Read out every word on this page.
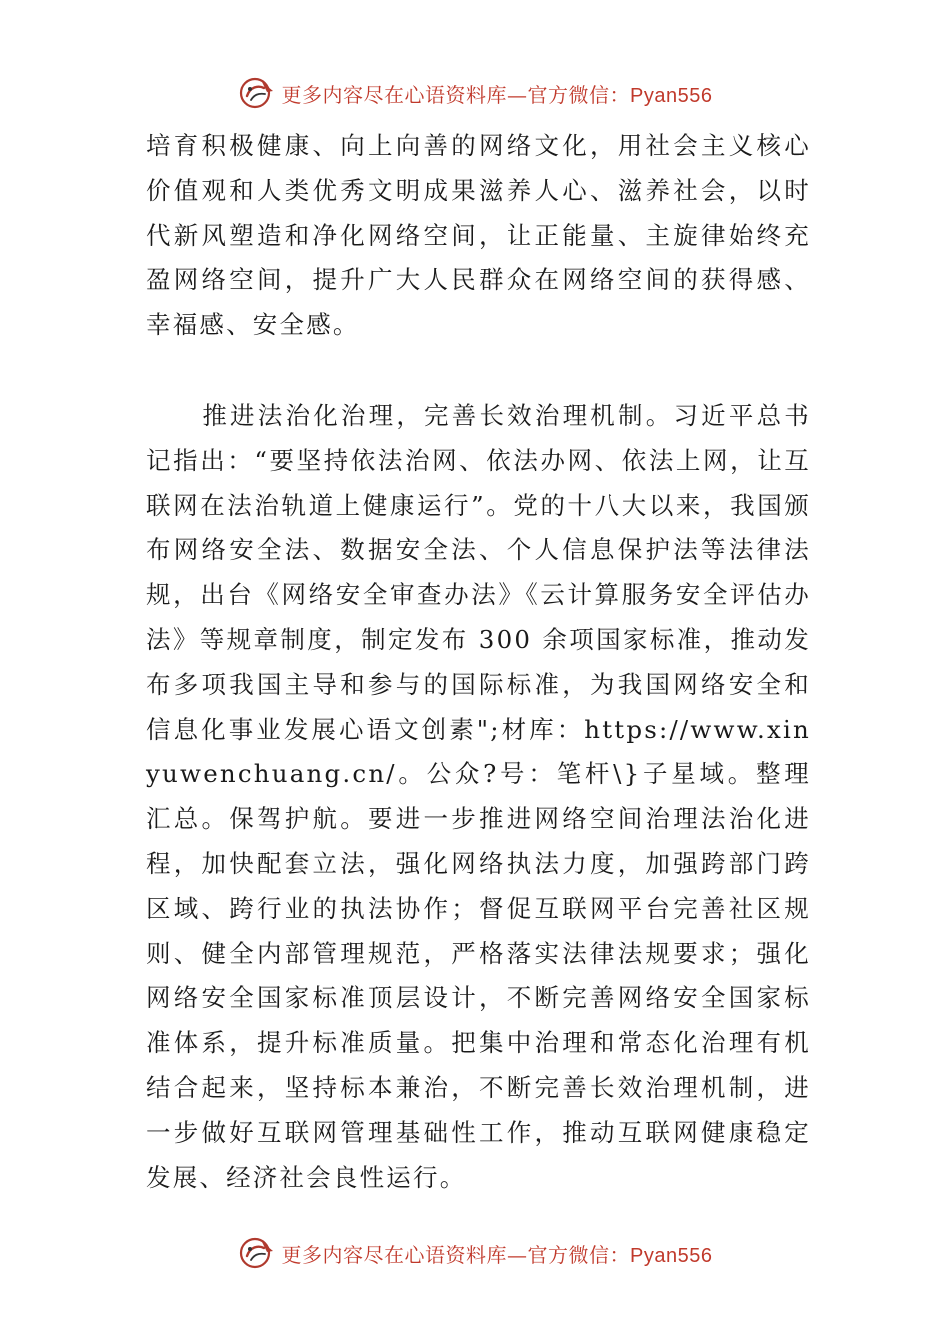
更多内容尽在心语资料库—官方微信：Pyan556

培育积极健康、向上向善的网络文化，用社会主义核心价值观和人类优秀文明成果滋养人心、滋养社会，以时代新风塑造和净化网络空间，让正能量、主旋律始终充盈网络空间，提升广大人民群众在网络空间的获得感、幸福感、安全感。

推进法治化治理，完善长效治理机制。习近平总书记指出：“要坚持依法治网、依法办网、依法上网，让互联网在法治轨道上健康运行”。党的十八大以来，我国颁布网络安全法、数据安全法、个人信息保护法等法律法规，出台《网络安全审查办法》《云计算服务安全评估办法》等规章制度，制定发布 300 余项国家标准，推动发布多项我国主导和参与的国际标准，为我国网络安全和信息化事业发展心语文创素";材库：https://www.xinyuwenchuang.cn/。公众?号：笔杆\}子星域。整理汇总。保驾护航。要进一步推进网络空间治理法治化进程，加快配套立法，强化网络执法力度，加强跨部门跨区域、跨行业的执法协作；督促互联网平台完善社区规则、健全内部管理规范，严格落实法律法规要求；强化网络安全国家标准顶层设计，不断完善网络安全国家标准体系，提升标准质量。把集中治理和常态化治理有机结合起来，坚持标本兼治，不断完善长效治理机制，进一步做好互联网管理基础性工作，推动互联网健康稳定发展、经济社会良性运行。

更多内容尽在心语资料库—官方微信：Pyan556
